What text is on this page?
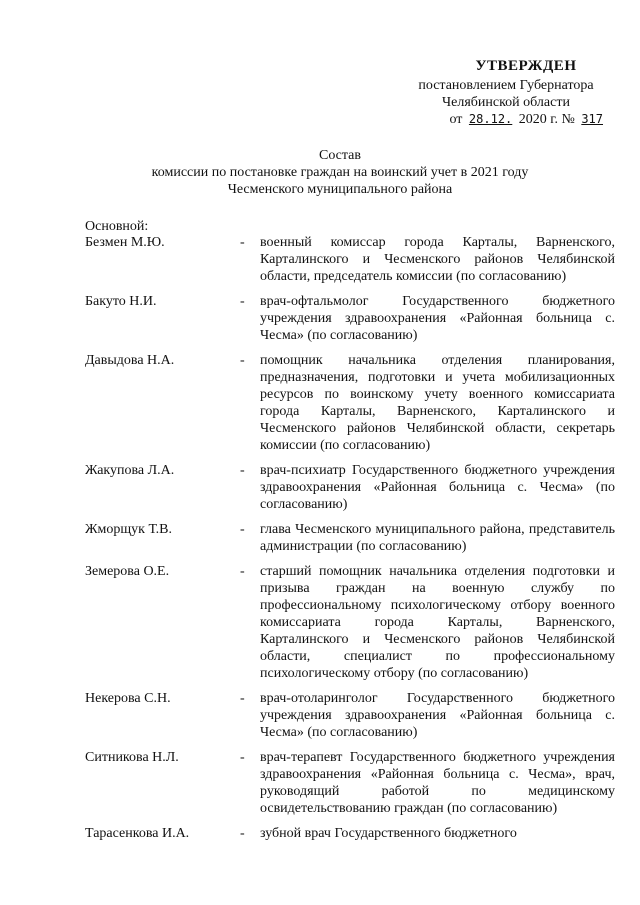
УТВЕРЖДЕН
постановлением Губернатора
Челябинской области
от 28.12. 2020 г. № 317
Состав
комиссии по постановке граждан на воинский учет в 2021 году
Чесменского муниципального района
Основной:
Безмен М.Ю.	-	военный комиссар города Карталы, Варненского, Карталинского и Чесменского районов Челябинской области, председатель комиссии (по согласованию)
Бакуто Н.И.	-	врач-офтальмолог Государственного бюджетного учреждения здравоохранения «Районная больница с. Чесма» (по согласованию)
Давыдова Н.А.	-	помощник начальника отделения планирования, предназначения, подготовки и учета мобилизационных ресурсов по воинскому учету военного комиссариата города Карталы, Варненского, Карталинского и Чесменского районов Челябинской области, секретарь комиссии (по согласованию)
Жакупова Л.А.	-	врач-психиатр Государственного бюджетного учреждения здравоохранения «Районная больница с. Чесма» (по согласованию)
Жморщук Т.В.	-	глава Чесменского муниципального района, представитель администрации (по согласованию)
Земерова О.Е.	-	старший помощник начальника отделения подготовки и призыва граждан на военную службу по профессиональному психологическому отбору военного комиссариата города Карталы, Варненского, Карталинского и Чесменского районов Челябинской области, специалист по профессиональному психологическому отбору (по согласованию)
Некерова С.Н.	-	врач-отоларинголог Государственного бюджетного учреждения здравоохранения «Районная больница с. Чесма» (по согласованию)
Ситникова Н.Л.	-	врач-терапевт Государственного бюджетного учреждения здравоохранения «Районная больница с. Чесма», врач, руководящий работой по медицинскому освидетельствованию граждан (по согласованию)
Тарасенкова И.А.	-	зубной врач Государственного бюджетного
